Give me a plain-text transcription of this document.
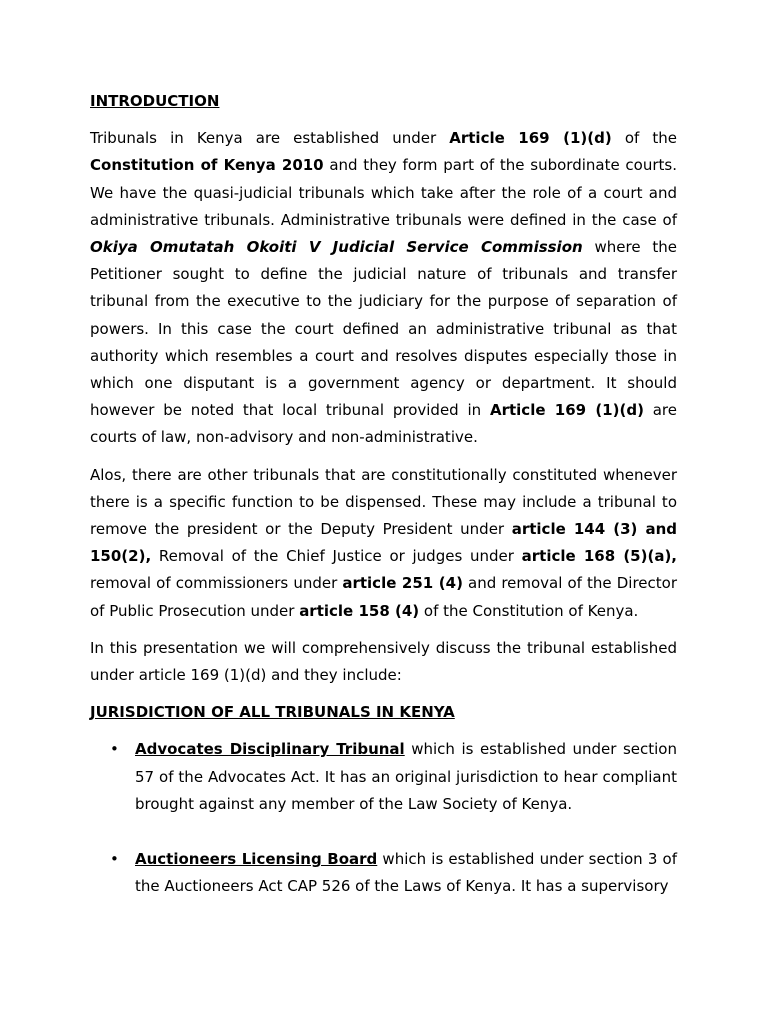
INTRODUCTION

Tribunals in Kenya are established under Article 169 (1)(d) of the Constitution of Kenya 2010 and they form part of the subordinate courts. We have the quasi-judicial tribunals which take after the role of a court and administrative tribunals. Administrative tribunals were defined in the case of Okiya Omutatah Okoiti V Judicial Service Commission where the Petitioner sought to define the judicial nature of tribunals and transfer tribunal from the executive to the judiciary for the purpose of separation of powers. In this case the court defined an administrative tribunal as that authority which resembles a court and resolves disputes especially those in which one disputant is a government agency or department. It should however be noted that local tribunal provided in Article 169 (1)(d) are courts of law, non-advisory and non-administrative.

Alos, there are other tribunals that are constitutionally constituted whenever there is a specific function to be dispensed. These may include a tribunal to remove the president or the Deputy President under article 144 (3) and 150(2), Removal of the Chief Justice or judges under article 168 (5)(a), removal of commissioners under article 251 (4) and removal of the Director of Public Prosecution under article 158 (4) of the Constitution of Kenya.

In this presentation we will comprehensively discuss the tribunal established under article 169 (1)(d) and they include:

JURISDICTION OF ALL TRIBUNALS IN KENYA
• Advocates Disciplinary Tribunal which is established under section 57 of the Advocates Act. It has an original jurisdiction to hear compliant brought against any member of the Law Society of Kenya.
• Auctioneers Licensing Board which is established under section 3 of the Auctioneers Act CAP 526 of the Laws of Kenya. It has a supervisory
